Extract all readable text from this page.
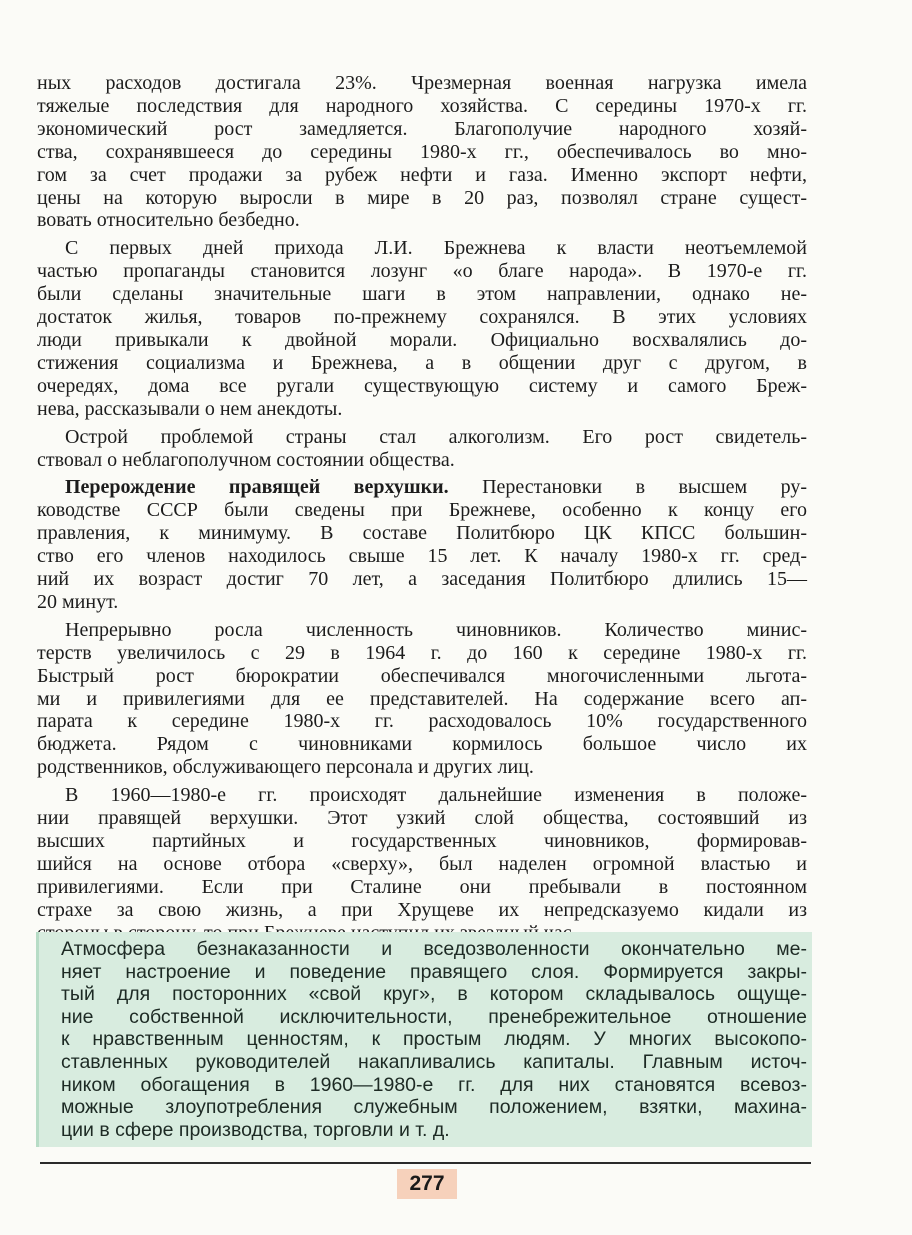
ных расходов достигала 23%. Чрезмерная военная нагрузка имела
тяжелые последствия для народного хозяйства. С середины 1970-х гг.
экономический рост замедляется. Благополучие народного хозяй-
ства, сохранявшееся до середины 1980-х гг., обеспечивалось во мно-
гом за счет продажи за рубеж нефти и газа. Именно экспорт нефти,
цены на которую выросли в мире в 20 раз, позволял стране сущест-
вовать относительно безбедно.
С первых дней прихода Л.И. Брежнева к власти неотъемлемой
частью пропаганды становится лозунг «о благе народа». В 1970-е гг.
были сделаны значительные шаги в этом направлении, однако не-
достаток жилья, товаров по-прежнему сохранялся. В этих условиях
люди привыкали к двойной морали. Официально восхвалялись до-
стижения социализма и Брежнева, а в общении друг с другом, в
очередях, дома все ругали существующую систему и самого Бреж-
нева, рассказывали о нем анекдоты.
Острой проблемой страны стал алкоголизм. Его рост свидетель-
ствовал о неблагополучном состоянии общества.
Перерождение правящей верхушки. Перестановки в высшем ру-
ководстве СССР были сведены при Брежневе, особенно к концу его
правления, к минимуму. В составе Политбюро ЦК КПСС большин-
ство его членов находилось свыше 15 лет. К началу 1980-х гг. сред-
ний их возраст достиг 70 лет, а заседания Политбюро длились 15—
20 минут.
Непрерывно росла численность чиновников. Количество минис-
терств увеличилось с 29 в 1964 г. до 160 к середине 1980-х гг.
Быстрый рост бюрократии обеспечивался многочисленными льгота-
ми и привилегиями для ее представителей. На содержание всего ап-
парата к середине 1980-х гг. расходовалось 10% государственного
бюджета. Рядом с чиновниками кормилось большое число их
родственников, обслуживающего персонала и других лиц.
В 1960—1980-е гг. происходят дальнейшие изменения в положе-
нии правящей верхушки. Этот узкий слой общества, состоявший из
высших партийных и государственных чиновников, формировав-
шийся на основе отбора «сверху», был наделен огромной властью и
привилегиями. Если при Сталине они пребывали в постоянном
страхе за свою жизнь, а при Хрущеве их непредсказуемо кидали из
Атмосфера безнаказанности и вседозволенности окончательно ме-
няет настроение и поведение правящего слоя. Формируется закры-
тый для посторонних «свой круг», в котором складывалось ощуще-
ние собственной исключительности, пренебрежительное отношение
к нравственным ценностям, к простым людям. У многих высокопо-
ставленных руководителей накапливались капиталы. Главным источ-
ником обогащения в 1960—1980-е гг. для них становятся всевоз-
можные злоупотребления служебным положением, взятки, махина-
ции в сфере производства, торговли и т. д.
277
